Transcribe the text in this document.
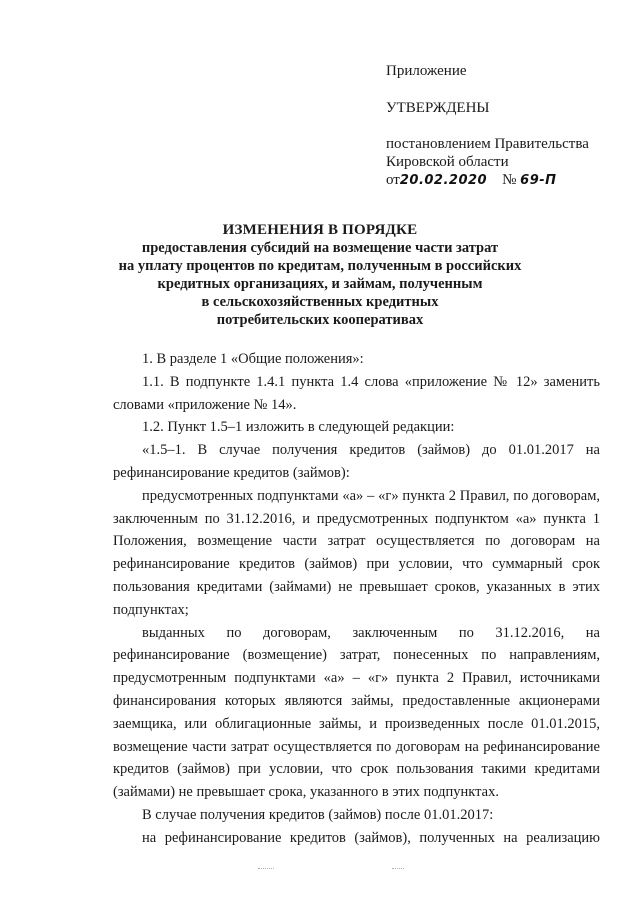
Приложение
УТВЕРЖДЕНЫ
постановлением Правительства
Кировской области
от20.02.2020 № 69-П
ИЗМЕНЕНИЯ В ПОРЯДКЕ
предоставления субсидий на возмещение части затрат
на уплату процентов по кредитам, полученным в российских
кредитных организациях, и займам, полученным
в сельскохозяйственных кредитных
потребительских кооперативах

1. В разделе 1 «Общие положения»:

1.1. В подпункте 1.4.1 пункта 1.4 слова «приложение № 12» заменить словами «приложение № 14».

1.2. Пункт 1.5–1 изложить в следующей редакции:

«1.5–1. В случае получения кредитов (займов) до 01.01.2017 на рефинансирование кредитов (займов):

предусмотренных подпунктами «а» – «г» пункта 2 Правил, по договорам, заключенным по 31.12.2016, и предусмотренных подпунктом «а» пункта 1 Положения, возмещение части затрат осуществляется по договорам на рефинансирование кредитов (займов) при условии, что суммарный срок пользования кредитами (займами) не превышает сроков, указанных в этих подпунктах;

выданных по договорам, заключенным по 31.12.2016, на рефинансирование (возмещение) затрат, понесенных по направлениям, предусмотренным подпунктами «а» – «г» пункта 2 Правил, источниками финансирования которых являются займы, предоставленные акционерами заемщика, или облигационные займы, и произведенных после 01.01.2015, возмещение части затрат осуществляется по договорам на рефинансирование кредитов (займов) при условии, что срок пользования такими кредитами (займами) не превышает срока, указанного в этих подпунктах.

В случае получения кредитов (займов) после 01.01.2017:

на рефинансирование кредитов (займов), полученных на реализацию
